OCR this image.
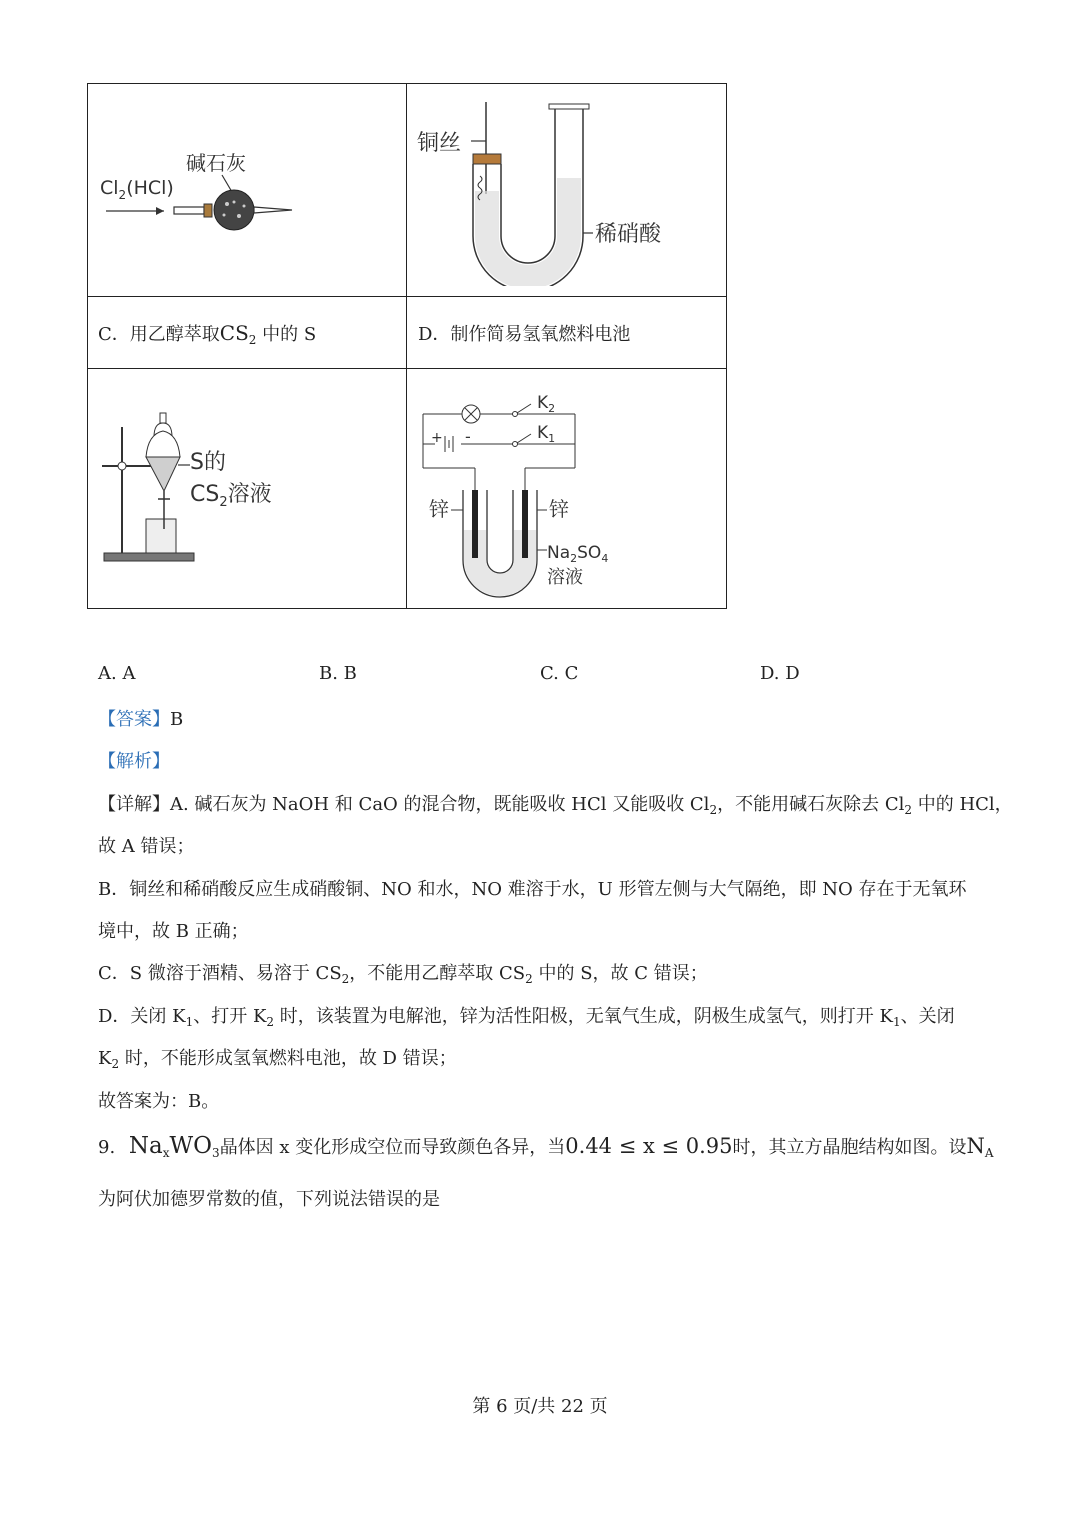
碱石灰
$Cl_2(HCl)$
铜丝
稀硝酸
C．用乙醇萃取$CS_2$ 中的 S	D．制作简易氢氧燃料电池
S的
$CS_2$溶液
+ -
$K_2$
$K_1$
锌	锌
$Na_2SO_4$
溶液
A. A	B. B	C. C	D. D
【答案】B
【解析】
【详解】A. 碱石灰为 NaOH 和 CaO 的混合物，既能吸收 HCl 又能吸收 $Cl_2$，不能用碱石灰除去 $Cl_2$ 中的 HCl，
故 A 错误；
B．铜丝和稀硝酸反应生成硝酸铜、NO 和水，NO 难溶于水，U 形管左侧与大气隔绝，即 NO 存在于无氧环
境中，故 B 正确；
C．S 微溶于酒精、易溶于 $CS_2$，不能用乙醇萃取 $CS_2$ 中的 S，故 C 错误；
D．关闭 $K_1$、打开 $K_2$ 时，该装置为电解池，锌为活性阳极，无氧气生成，阴极生成氢气，则打开 $K_1$、关闭
$K_2$ 时，不能形成氢氧燃料电池，故 D 错误；
故答案为：B。
9. $Na_xWO_3$晶体因 x 变化形成空位而导致颜色各异，当0.44 ≤ x ≤ 0.95时，其立方晶胞结构如图。设$N_A$
为阿伏加德罗常数的值，下列说法错误的是
第 6 页/共 22 页
